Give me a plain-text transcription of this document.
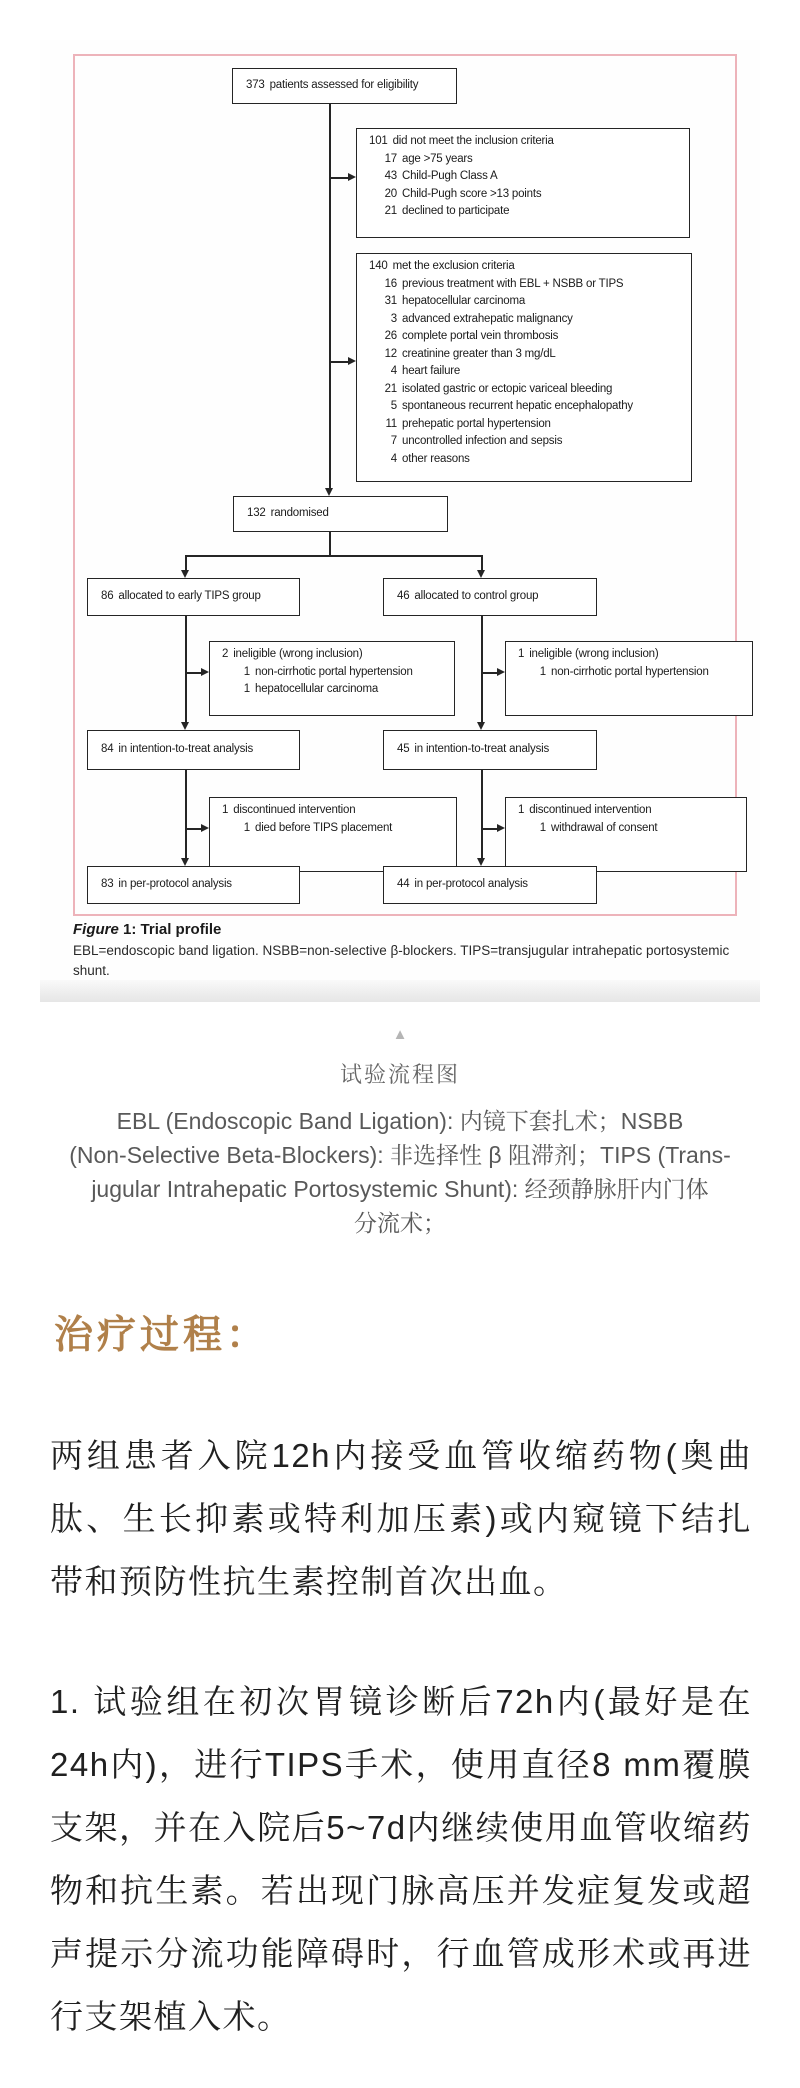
373 patients assessed for eligibility
101 did not meet the inclusion criteria
17 age >75 years
43 Child-Pugh Class A
20 Child-Pugh score >13 points
21 declined to participate
140 met the exclusion criteria
16 previous treatment with EBL + NSBB or TIPS
31 hepatocellular carcinoma
3 advanced extrahepatic malignancy
26 complete portal vein thrombosis
12 creatinine greater than 3 mg/dL
4 heart failure
21 isolated gastric or ectopic variceal bleeding
5 spontaneous recurrent hepatic encephalopathy
11 prehepatic portal hypertension
7 uncontrolled infection and sepsis
4 other reasons
132 randomised
86 allocated to early TIPS group	46 allocated to control group
2 ineligible (wrong inclusion)
1 non-cirrhotic portal hypertension
1 hepatocellular carcinoma
1 ineligible (wrong inclusion)
1 non-cirrhotic portal hypertension
84 in intention-to-treat analysis	45 in intention-to-treat analysis
1 discontinued intervention
1 died before TIPS placement
1 discontinued intervention
1 withdrawal of consent
83 in per-protocol analysis	44 in per-protocol analysis
Figure 1: Trial profile
EBL=endoscopic band ligation. NSBB=non-selective β-blockers. TIPS=transjugular intrahepatic portosystemic shunt.
▲
试验流程图
EBL (Endoscopic Band Ligation): 内镜下套扎术；NSBB
(Non-Selective Beta-Blockers): 非选择性 β 阻滞剂；TIPS (Trans-
jugular Intrahepatic Portosystemic Shunt): 经颈静脉肝内门体
分流术；
治疗过程：

两组患者入院12h内接受血管收缩药物(奥曲肽、生长抑素或特利加压素)或内窥镜下结扎带和预防性抗生素控制首次出血。

1. 试验组在初次胃镜诊断后72h内(最好是在24h内)，进行TIPS手术，使用直径8 mm覆膜支架，并在入院后5~7d内继续使用血管收缩药物和抗生素。若出现门脉高压并发症复发或超声提示分流功能障碍时，行血管成形术或再进行支架植入术。
